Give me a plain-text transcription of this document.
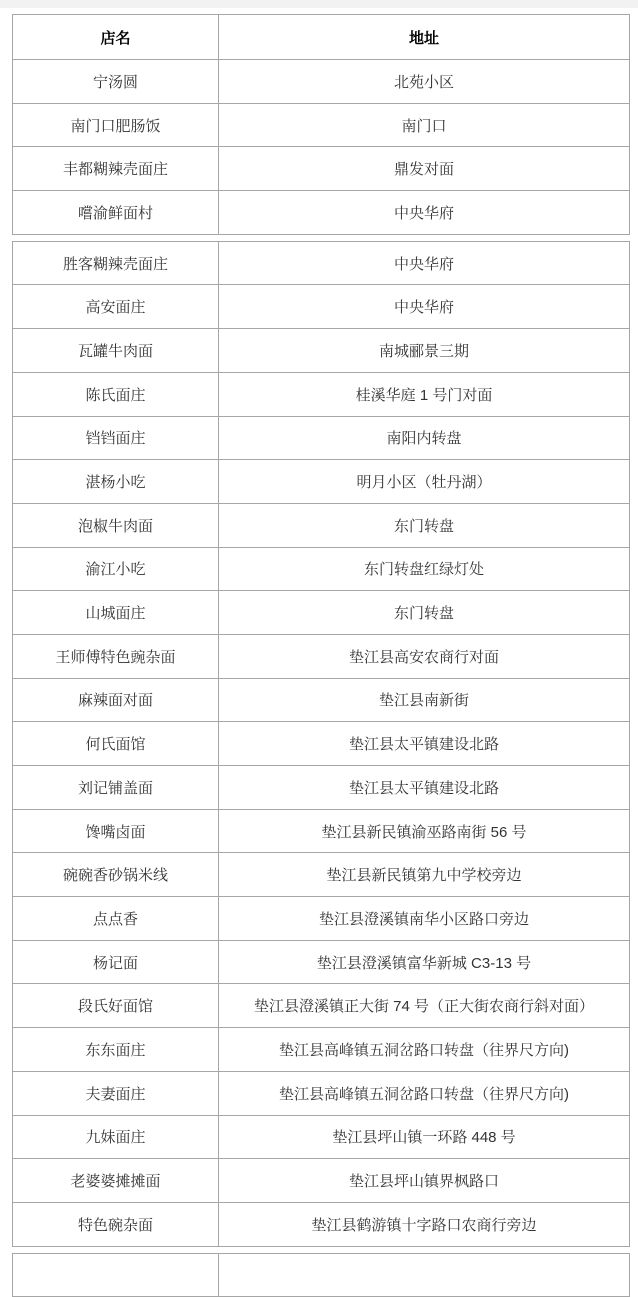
店名	地址
宁汤圆	北苑小区
南门口肥肠饭	南门口
丰都糊辣壳面庄	鼎发对面
嚐渝鲜面村	中央华府
胜客糊辣壳面庄	中央华府
高安面庄	中央华府
瓦罐牛肉面	南城郦景三期
陈氏面庄	桂溪华庭 1 号门对面
铛铛面庄	南阳内转盘
湛杨小吃	明月小区（牡丹湖）
泡椒牛肉面	东门转盘
渝江小吃	东门转盘红绿灯处
山城面庄	东门转盘
王师傅特色豌杂面	垫江县高安农商行对面
麻辣面对面	垫江县南新街
何氏面馆	垫江县太平镇建设北路
刘记铺盖面	垫江县太平镇建设北路
馋嘴卤面	垫江县新民镇渝巫路南街 56 号
碗碗香砂锅米线	垫江县新民镇第九中学校旁边
点点香	垫江县澄溪镇南华小区路口旁边
杨记面	垫江县澄溪镇富华新城 C3-13 号
段氏好面馆	垫江县澄溪镇正大街 74 号（正大街农商行斜对面）
东东面庄	垫江县高峰镇五洞岔路口转盘（往界尺方向)
夫妻面庄	垫江县高峰镇五洞岔路口转盘（往界尺方向)
九妹面庄	垫江县坪山镇一环路 448 号
老婆婆摊摊面	垫江县坪山镇界枫路口
特色碗杂面	垫江县鹤游镇十字路口农商行旁边
